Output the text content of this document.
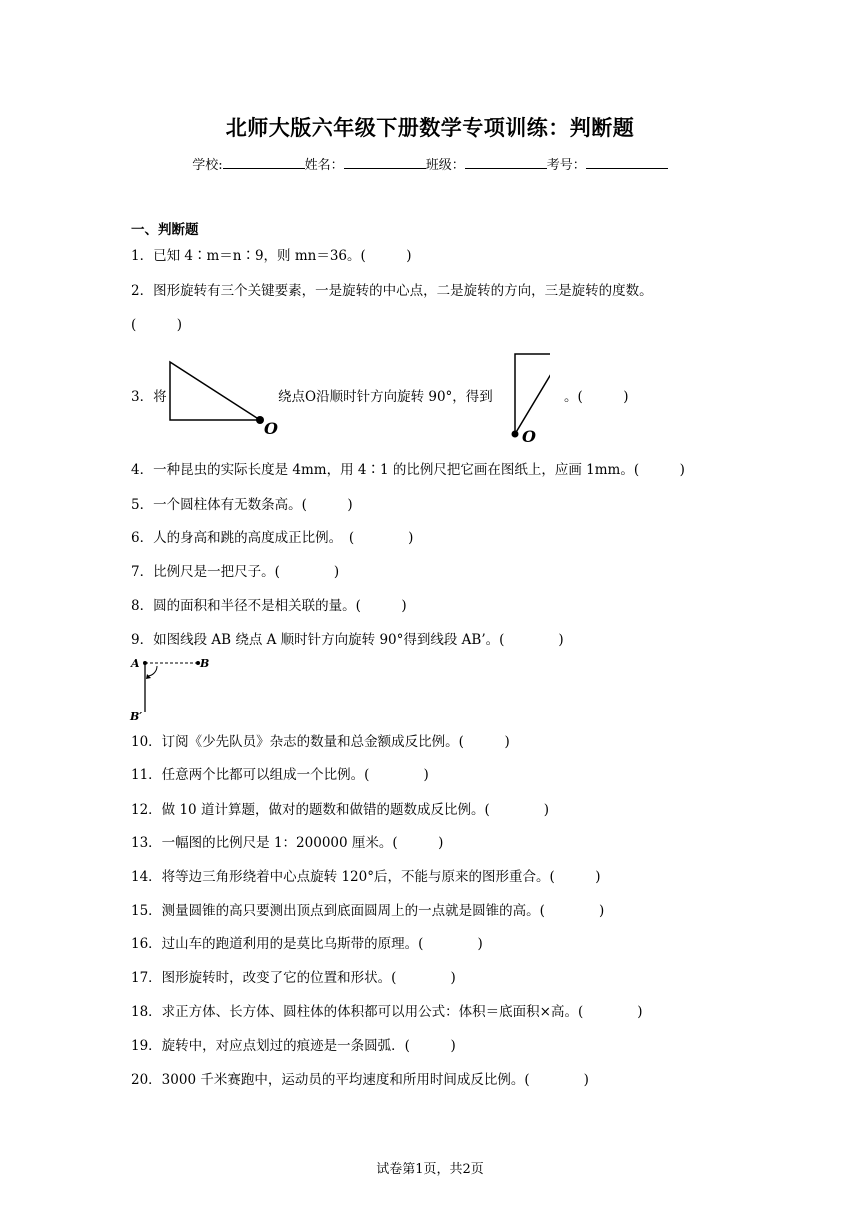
北师大版六年级下册数学专项训练：判断题
学校:	姓名：	班级：	考号：
一、判断题
1．已知 4∶m＝n∶9，则 mn＝36。(　　　)
2．图形旋转有三个关键要素，一是旋转的中心点，二是旋转的方向，三是旋转的度数。
(　　　)
3．将
O
绕点O沿顺时针方向旋转 90°，得到
O
。(　　　)
4．一种昆虫的实际长度是 4mm，用 4∶1 的比例尺把它画在图纸上，应画 1mm。(　　　)
5．一个圆柱体有无数条高。(　　　)
6．人的身高和跳的高度成正比例。　(　　　　)
7．比例尺是一把尺子。(　　　　)
8．圆的面积和半径不是相关联的量。(　　　)
9．如图线段 AB 绕点 A 顺时针方向旋转 90°得到线段 AB’。(　　　　)
A	B
B′
10．订阅《少先队员》杂志的数量和总金额成反比例。(　　　)
11．任意两个比都可以组成一个比例。(　　　　)
12．做 10 道计算题，做对的题数和做错的题数成反比例。(　　　　)
13．一幅图的比例尺是 1：200000 厘米。(　　　)
14．将等边三角形绕着中心点旋转 120°后，不能与原来的图形重合。(　　　)
15．测量圆锥的高只要测出顶点到底面圆周上的一点就是圆锥的高。(　　　　)
16．过山车的跑道利用的是莫比乌斯带的原理。(　　　　)
17．图形旋转时，改变了它的位置和形状。(　　　　)
18．求正方体、长方体、圆柱体的体积都可以用公式：体积＝底面积×高。(　　　　)
19．旋转中，对应点划过的痕迹是一条圆弧．(　　　)
20．3000 千米赛跑中，运动员的平均速度和所用时间成反比例。(　　　　)
试卷第1页，共2页
